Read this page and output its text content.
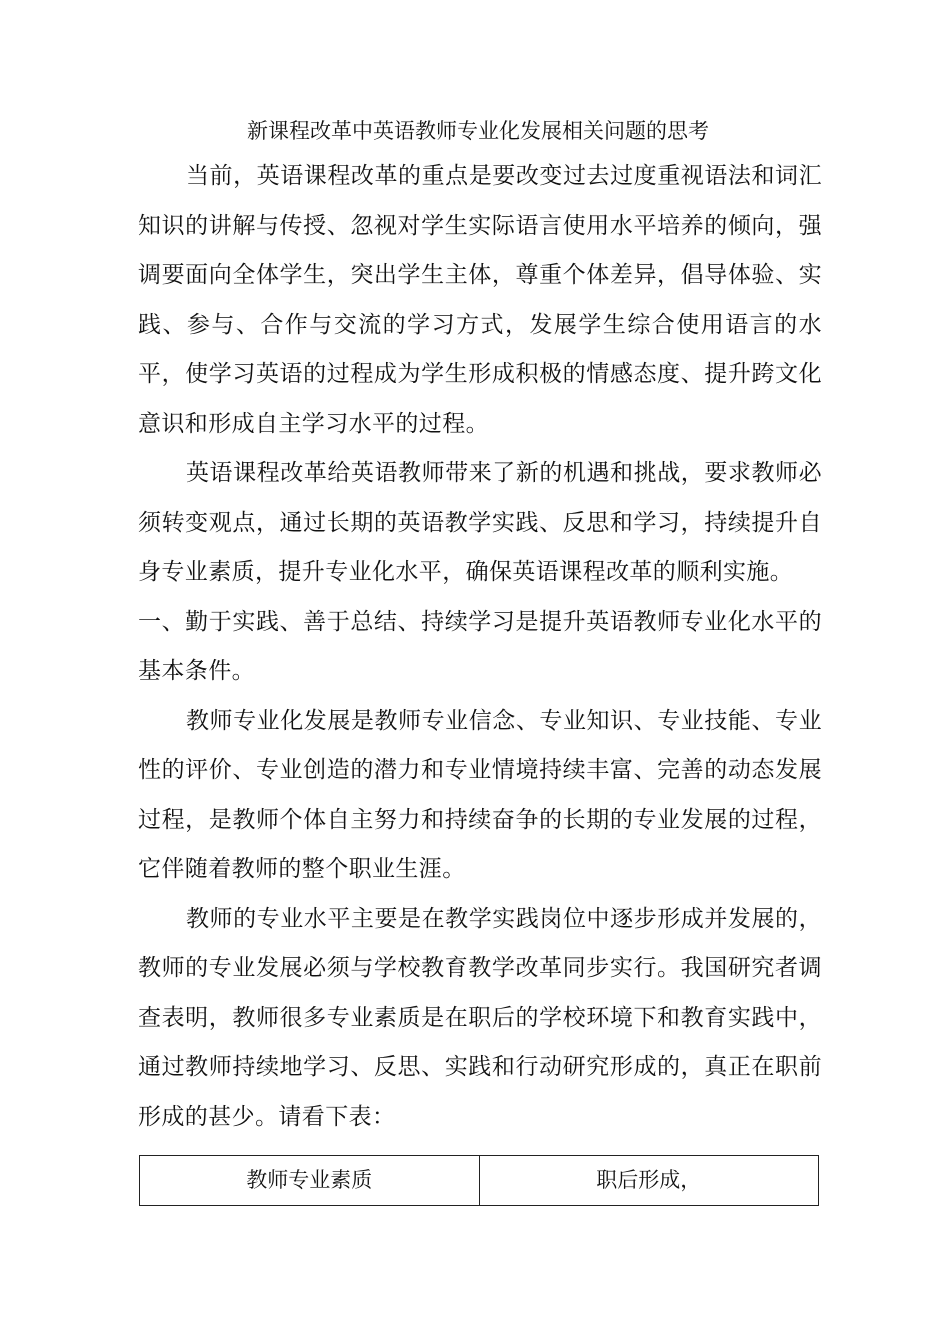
新课程改革中英语教师专业化发展相关问题的思考

当前，英语课程改革的重点是要改变过去过度重视语法和词汇知识的讲解与传授、忽视对学生实际语言使用水平培养的倾向，强调要面向全体学生，突出学生主体，尊重个体差异，倡导体验、实践、参与、合作与交流的学习方式，发展学生综合使用语言的水平，使学习英语的过程成为学生形成积极的情感态度、提升跨文化意识和形成自主学习水平的过程。

英语课程改革给英语教师带来了新的机遇和挑战，要求教师必须转变观点，通过长期的英语教学实践、反思和学习，持续提升自身专业素质，提升专业化水平，确保英语课程改革的顺利实施。

一、勤于实践、善于总结、持续学习是提升英语教师专业化水平的基本条件。

教师专业化发展是教师专业信念、专业知识、专业技能、专业性的评价、专业创造的潜力和专业情境持续丰富、完善的动态发展过程，是教师个体自主努力和持续奋争的长期的专业发展的过程，它伴随着教师的整个职业生涯。

教师的专业水平主要是在教学实践岗位中逐步形成并发展的，教师的专业发展必须与学校教育教学改革同步实行。我国研究者调查表明，教师很多专业素质是在职后的学校环境下和教育实践中，通过教师持续地学习、反思、实践和行动研究形成的，真正在职前形成的甚少。请看下表：

教师专业素质	职后形成，
